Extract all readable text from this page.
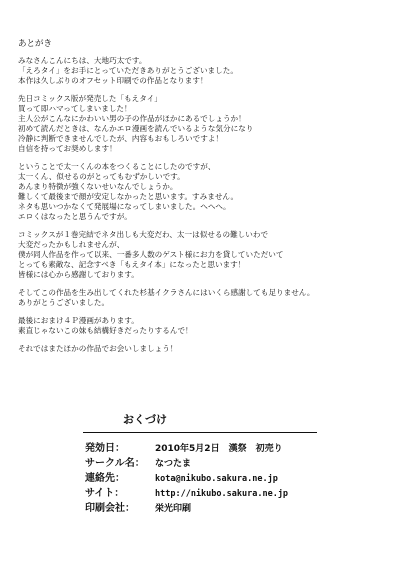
あとがき
みなさんこんにちは、大地巧太です。
「えろタイ」をお手にとっていただきありがとうございました。
本作は久しぶりのオフセット印刷での作品となります！
先日コミックス版が発売した「もえタイ」
買って即ハマってしまいました！
主人公がこんなにかわいい男の子の作品がほかにあるでしょうか！
初めて読んだときは、なんかエロ漫画を読んでいるような気分になり
冷静に判断できませんでしたが、内容もおもしろいですよ！
自信を持ってお奨めします！
ということで太一くんの本をつくることにしたのですが、
太一くん、似せるのがとってもむずかしいです。
あんまり特徴が強くないせいなんでしょうか。
難しくて最後まで顔が安定しなかったと思います。すみません。
ネタも思いつかなくて発展場になってしまいました。へへへ。
エロくはなったと思うんですが。
コミックスが１巻完結でネタ出しも大変だわ、太一は似せるの難しいわで
大変だったかもしれませんが、
僕が同人作品を作って以来、一番多人数のゲスト様にお力を貸していただいて
とっても素敵な、記念すべき「もえタイ本」になったと思います！
皆様には心から感謝しております。
そしてこの作品を生み出してくれた杉基イクラさんにはいくら感謝しても足りません。
ありがとうございました。
最後におまけ４Ｐ漫画があります。
素直じゃないこの妹も結構好きだったりするんで！
それではまたほかの作品でお会いしましょう！
おくづけ
発効日：	2010年5月2日　漢祭　初売り
サークル名：	なつたま
連絡先：	kota@nikubo.sakura.ne.jp
サイト：	http://nikubo.sakura.ne.jp
印刷会社：	栄光印刷
